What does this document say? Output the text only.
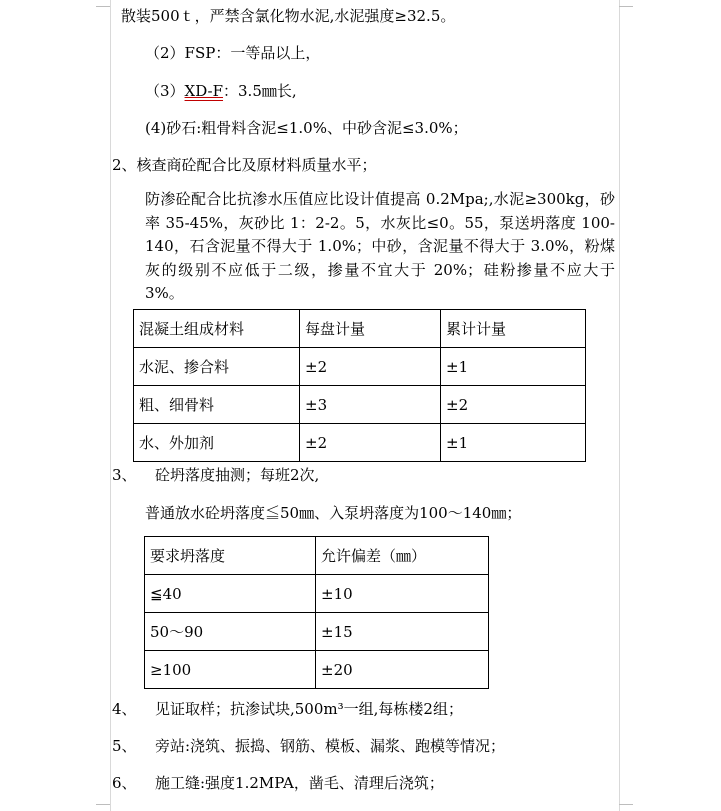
散装500ｔ，严禁含氯化物水泥,水泥强度≥32.5。
（2）FSP：一等品以上，
（3）XD-F：3.5㎜长,
(4)砂石:粗骨料含泥≤1.0%、中砂含泥≤3.0%；
2、核查商砼配合比及原材料质量水平；
防渗砼配合比抗渗水压值应比设计值提高 0.2Mpa;,水泥≥300kg，砂率 35-45%，灰砂比 1：2-2。5，水灰比≤0。55，泵送坍落度 100-140，石含泥量不得大于 1.0%；中砂，含泥量不得大于 3.0%，粉煤灰的级别不应低于二级，掺量不宜大于 20%；硅粉掺量不应大于 3%。
混凝土组成材料	每盘计量	累计计量
水泥、掺合料	±2	±1
粗、细骨料	±3	±2
水、外加剂	±2	±1
3、 砼坍落度抽测；每班2次,
普通放水砼坍落度≦50㎜、入泵坍落度为100～140㎜；
要求坍落度	允许偏差（㎜）
≦40	±10
50～90	±15
≥100	±20
4、 见证取样；抗渗试块,500m³一组,每栋楼2组；
5、 旁站:浇筑、振捣、钢筋、模板、漏浆、跑模等情况；
6、 施工缝:强度1.2MPA，凿毛、清理后浇筑；
